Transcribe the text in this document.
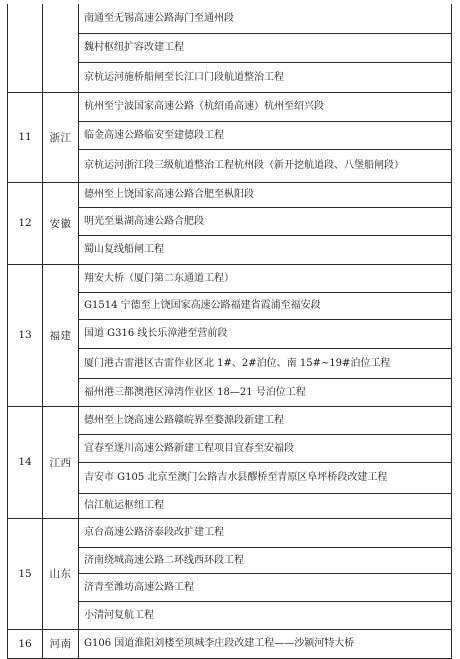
		南通至无锡高速公路海门至通州段
		魏村枢纽扩容改建工程
		京杭运河施桥船闸至长江口门段航道整治工程
11	浙江	杭州至宁波国家高速公路（杭绍甬高速）杭州至绍兴段
		临金高速公路临安至建德段工程
		京杭运河浙江段三级航道整治工程杭州段（新开挖航道段、八堡船闸段）
12	安徽	德州至上饶国家高速公路合肥至枞阳段
		明光至巢湖高速公路合肥段
		蜀山复线船闸工程
13	福建	翔安大桥（厦门第二东通道工程）
		G1514 宁德至上饶国家高速公路福建省霞浦至福安段
		国道 G316 线长乐漳港至营前段
		厦门港古雷港区古雷作业区北 1#、2#泊位、南 15#~19#泊位工程
		福州港三都澳港区漳湾作业区 18—21 号泊位工程
14	江西	德州至上饶高速公路赣皖界至婺源段新建工程
		宜春至遂川高速公路新建工程项目宜春至安福段
		吉安市 G105 北京至澳门公路吉水县醪桥至青原区阜坪桥段改建工程
		信江航运枢纽工程
15	山东	京台高速公路济泰段改扩建工程
		济南绕城高速公路二环线西环段工程
		济青至潍坊高速公路工程
		小清河复航工程
16	河南	G106 国道淮阳刘楼至项城李庄段改建工程——沙颍河特大桥
